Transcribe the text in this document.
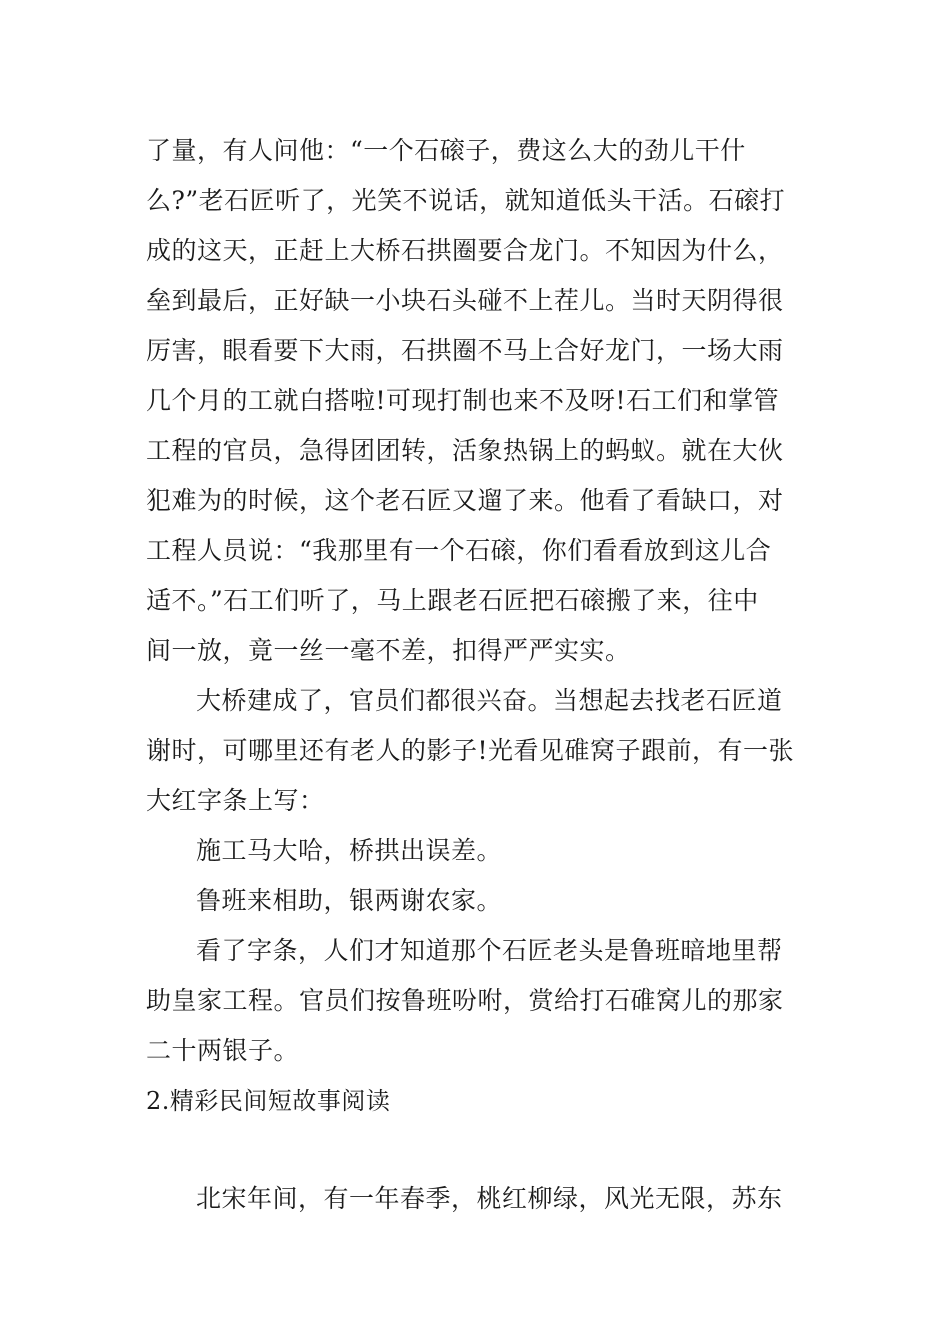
了量，有人问他：“一个石磙子，费这么大的劲儿干什
么?”老石匠听了，光笑不说话，就知道低头干活。石磙打
成的这天，正赶上大桥石拱圈要合龙门。不知因为什么，
垒到最后，正好缺一小块石头碰不上茬儿。当时天阴得很
厉害，眼看要下大雨，石拱圈不马上合好龙门，一场大雨
几个月的工就白搭啦!可现打制也来不及呀!石工们和掌管
工程的官员，急得团团转，活象热锅上的蚂蚁。就在大伙
犯难为的时候，这个老石匠又遛了来。他看了看缺口，对
工程人员说：“我那里有一个石磙，你们看看放到这儿合
适不。”石工们听了，马上跟老石匠把石磙搬了来，往中
间一放，竟一丝一毫不差，扣得严严实实。
大桥建成了，官员们都很兴奋。当想起去找老石匠道
谢时，可哪里还有老人的影子!光看见碓窝子跟前，有一张
大红字条上写：
施工马大哈，桥拱出误差。
鲁班来相助，银两谢农家。
看了字条，人们才知道那个石匠老头是鲁班暗地里帮
助皇家工程。官员们按鲁班吩咐，赏给打石碓窝儿的那家
二十两银子。
2.精彩民间短故事阅读
北宋年间，有一年春季，桃红柳绿，风光无限，苏东
